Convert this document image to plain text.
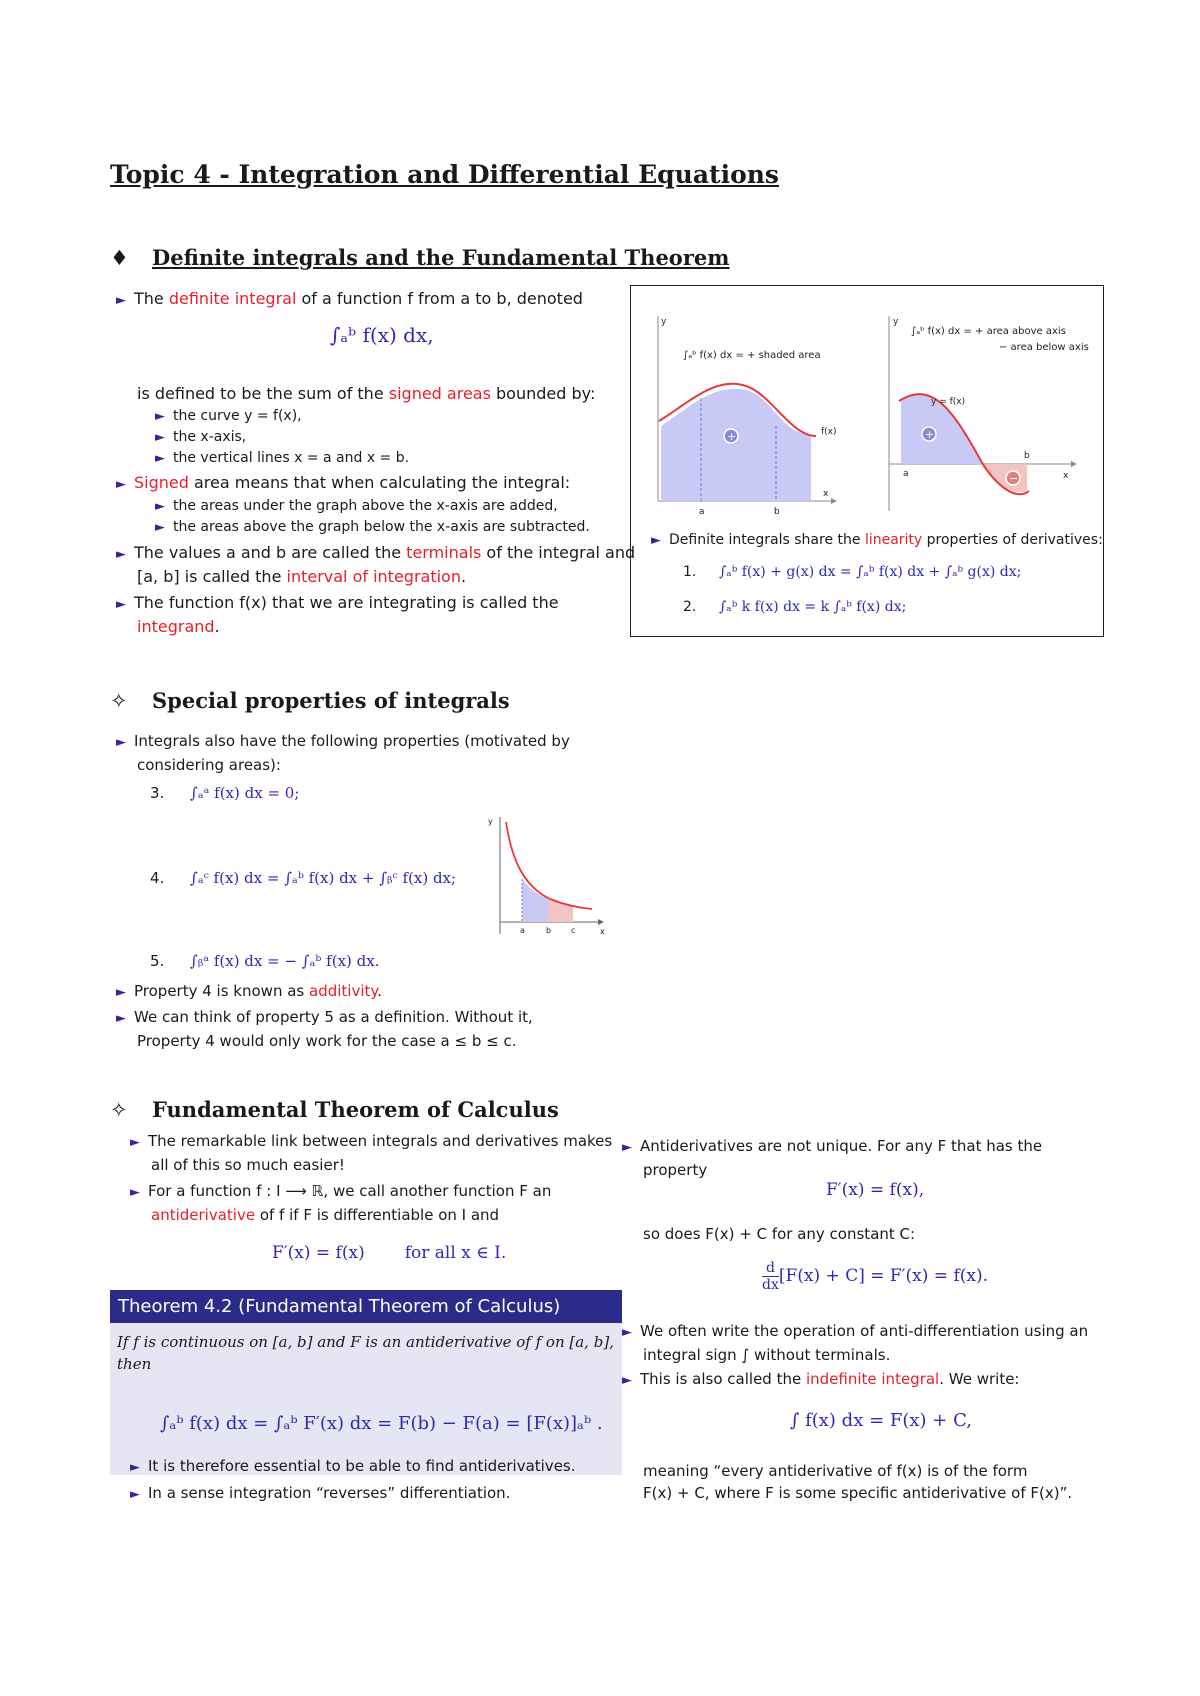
Topic 4 - Integration and Differential Equations
♦ Definite integrals and the Fundamental Theorem
► The definite integral of a function f from a to b, denoted
∫ₐᵇ f(x) dx,
is defined to be the sum of the signed areas bounded by:
► the curve y = f(x),
► the x-axis,
► the vertical lines x = a and x = b.
► Signed area means that when calculating the integral:
► the areas under the graph above the x-axis are added,
► the areas above the graph below the x-axis are subtracted.
► The values a and b are called the terminals of the integral and
[a, b] is called the interval of integration.
► The function f(x) that we are integrating is called the
integrand.
+
y
x
a	b
f(x)
∫ₐᵇ f(x) dx = + shaded area
+
−
y
x
a
b
y = f(x)
∫ₐᵇ f(x) dx = + area above axis
− area below axis
► Definite integrals share the linearity properties of derivatives:
1. ∫ₐᵇ f(x) + g(x) dx = ∫ₐᵇ f(x) dx + ∫ₐᵇ g(x) dx;
2. ∫ₐᵇ k f(x) dx = k ∫ₐᵇ f(x) dx;
✧ Special properties of integrals
► Integrals also have the following properties (motivated by
considering areas):
3. ∫ₐᵃ f(x) dx = 0;
4. ∫ₐᶜ f(x) dx = ∫ₐᵇ f(x) dx + ∫ᵦᶜ f(x) dx;
5. ∫ᵦᵃ f(x) dx = − ∫ₐᵇ f(x) dx.
y
x
a	b c
► Property 4 is known as additivity.
► We can think of property 5 as a definition. Without it,
Property 4 would only work for the case a ≤ b ≤ c.
✧ Fundamental Theorem of Calculus
► The remarkable link between integrals and derivatives makes
all of this so much easier!
► For a function f : I ⟶ ℝ, we call another function F an
antiderivative of f if F is differentiable on I and
F′(x) = f(x) for all x ∈ I.
Theorem 4.2 (Fundamental Theorem of Calculus)
If f is continuous on [a, b] and F is an antiderivative of f on [a, b],
then
∫ₐᵇ f(x) dx = ∫ₐᵇ F′(x) dx = F(b) − F(a) = [F(x)]ₐᵇ .
► It is therefore essential to be able to find antiderivatives.
► In a sense integration “reverses” differentiation.
► Antiderivatives are not unique. For any F that has the
property
F′(x) = f(x),
so does F(x) + C for any constant C:
$\frac{d}{dx} [F(x) + C] = F'(x) = f(x)$.
► We often write the operation of anti-differentiation using an
integral sign ∫ without terminals.
► This is also called the indefinite integral. We write:
∫ f(x) dx = F(x) + C,
meaning “every antiderivative of f(x) is of the form
F(x) + C, where F is some specific antiderivative of F(x)”.
